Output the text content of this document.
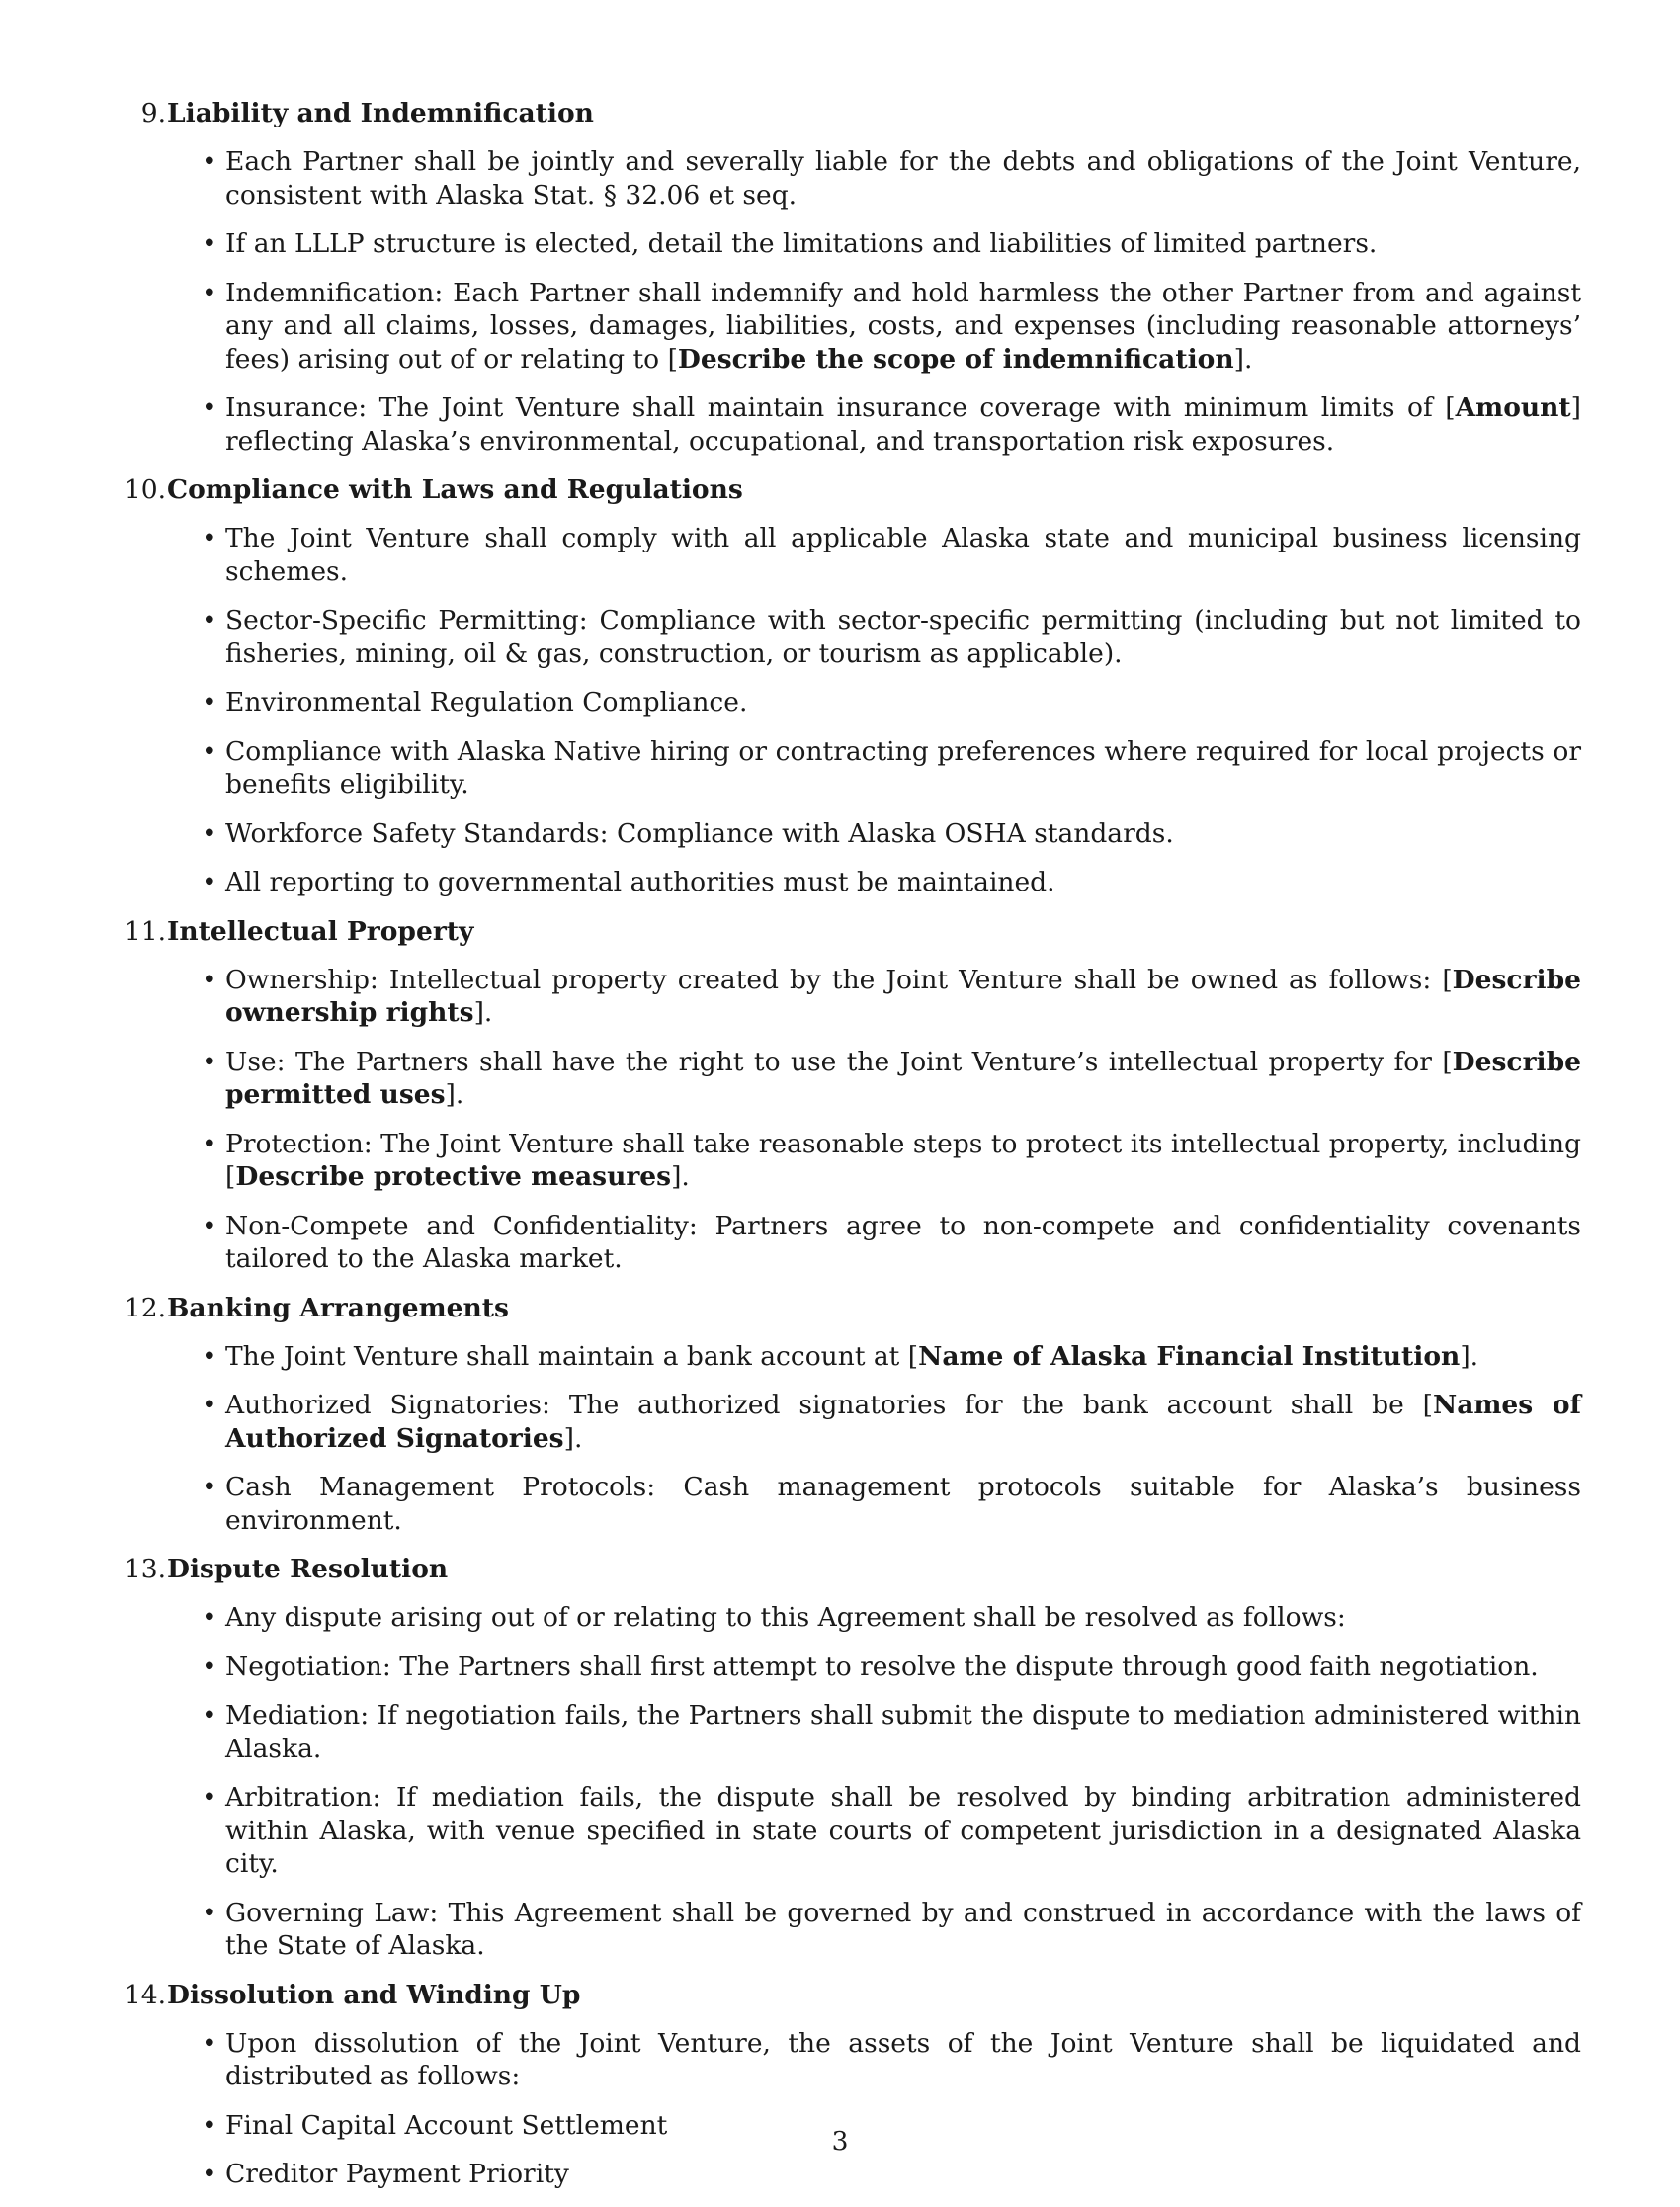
9. Liability and Indemnification
• Each Partner shall be jointly and severally liable for the debts and obligations of the Joint Venture, consistent with Alaska Stat. § 32.06 et seq.
• If an LLLP structure is elected, detail the limitations and liabilities of limited partners.
• Indemnification: Each Partner shall indemnify and hold harmless the other Partner from and against any and all claims, losses, damages, liabilities, costs, and expenses (including reasonable attorneys’ fees) arising out of or relating to [Describe the scope of indemnification].
• Insurance: The Joint Venture shall maintain insurance coverage with minimum limits of [Amount] reflecting Alaska’s environmental, occupational, and transportation risk exposures.
10. Compliance with Laws and Regulations
• The Joint Venture shall comply with all applicable Alaska state and municipal business licensing schemes.
• Sector-Specific Permitting: Compliance with sector-specific permitting (including but not limited to fisheries, mining, oil & gas, construction, or tourism as applicable).
• Environmental Regulation Compliance.
• Compliance with Alaska Native hiring or contracting preferences where required for local projects or benefits eligibility.
• Workforce Safety Standards: Compliance with Alaska OSHA standards.
• All reporting to governmental authorities must be maintained.
11. Intellectual Property
• Ownership: Intellectual property created by the Joint Venture shall be owned as follows: [Describe ownership rights].
• Use: The Partners shall have the right to use the Joint Venture’s intellectual property for [Describe permitted uses].
• Protection: The Joint Venture shall take reasonable steps to protect its intellectual property, including [Describe protective measures].
• Non-Compete and Confidentiality: Partners agree to non-compete and confidentiality covenants tailored to the Alaska market.
12. Banking Arrangements
• The Joint Venture shall maintain a bank account at [Name of Alaska Financial Institution].
• Authorized Signatories: The authorized signatories for the bank account shall be [Names of Authorized Signatories].
• Cash Management Protocols: Cash management protocols suitable for Alaska’s business environment.
13. Dispute Resolution
• Any dispute arising out of or relating to this Agreement shall be resolved as follows:
• Negotiation: The Partners shall first attempt to resolve the dispute through good faith negotiation.
• Mediation: If negotiation fails, the Partners shall submit the dispute to mediation administered within Alaska.
• Arbitration: If mediation fails, the dispute shall be resolved by binding arbitration administered within Alaska, with venue specified in state courts of competent jurisdiction in a designated Alaska city.
• Governing Law: This Agreement shall be governed by and construed in accordance with the laws of the State of Alaska.
14. Dissolution and Winding Up
• Upon dissolution of the Joint Venture, the assets of the Joint Venture shall be liquidated and distributed as follows:
• Final Capital Account Settlement
• Creditor Payment Priority
3
